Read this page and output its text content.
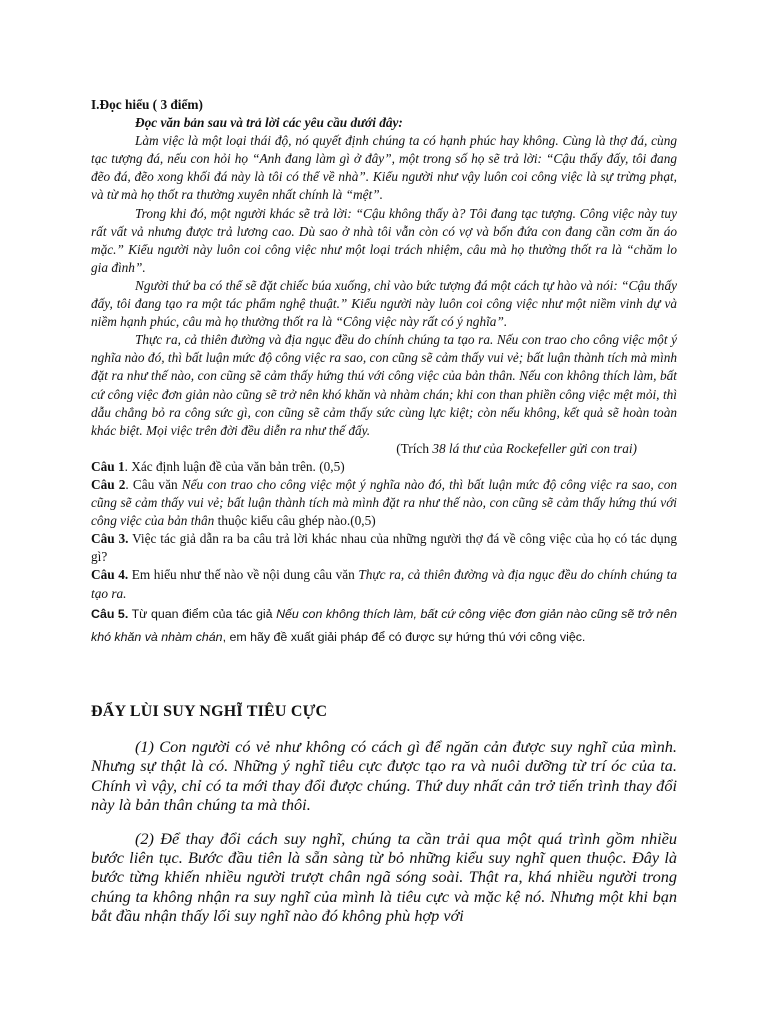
I.Đọc hiểu ( 3 điểm)

Đọc văn bản sau và trả lời các yêu cầu dưới đây:

Làm việc là một loại thái độ, nó quyết định chúng ta có hạnh phúc hay không. Cùng là thợ đá, cùng tạc tượng đá, nếu con hỏi họ “Anh đang làm gì ở đây”, một trong số họ sẽ trả lời: “Cậu thấy đấy, tôi đang đẽo đá, đẽo xong khối đá này là tôi có thể về nhà”. Kiểu người như vậy luôn coi công việc là sự trừng phạt, và từ mà họ thốt ra thường xuyên nhất chính là “mệt”.

Trong khi đó, một người khác sẽ trả lời: “Cậu không thấy à? Tôi đang tạc tượng. Công việc này tuy rất vất vả nhưng được trả lương cao. Dù sao ở nhà tôi vẫn còn có vợ và bốn đứa con đang cần cơm ăn áo mặc.” Kiểu người này luôn coi công việc như một loại trách nhiệm, câu mà họ thường thốt ra là “chăm lo gia đình”.

Người thứ ba có thể sẽ đặt chiếc búa xuống, chỉ vào bức tượng đá một cách tự hào và nói: “Cậu thấy đấy, tôi đang tạo ra một tác phẩm nghệ thuật.” Kiểu người này luôn coi công việc như một niềm vinh dự và niềm hạnh phúc, câu mà họ thường thốt ra là “Công việc này rất có ý nghĩa”.

Thực ra, cả thiên đường và địa ngục đều do chính chúng ta tạo ra. Nếu con trao cho công việc một ý nghĩa nào đó, thì bất luận mức độ công việc ra sao, con cũng sẽ cảm thấy vui vẻ; bất luận thành tích mà mình đặt ra như thế nào, con cũng sẽ cảm thấy hứng thú với công việc của bản thân. Nếu con không thích làm, bất cứ công việc đơn giản nào cũng sẽ trở nên khó khăn và nhàm chán; khi con than phiền công việc mệt mỏi, thì dẫu chẳng bỏ ra công sức gì, con cũng sẽ cảm thấy sức cùng lực kiệt; còn nếu không, kết quả sẽ hoàn toàn khác biệt. Mọi việc trên đời đều diễn ra như thế đấy.

(Trích 38 lá thư của Rockefeller gửi con trai)

Câu 1. Xác định luận đề của văn bản trên. (0,5)

Câu 2. Câu văn Nếu con trao cho công việc một ý nghĩa nào đó, thì bất luận mức độ công việc ra sao, con cũng sẽ cảm thấy vui vẻ; bất luận thành tích mà mình đặt ra như thế nào, con cũng sẽ cảm thấy hứng thú với công việc của bản thân thuộc kiểu câu ghép nào.(0,5)

Câu 3. Việc tác giả dẫn ra ba câu trả lời khác nhau của những người thợ đá về công việc của họ có tác dụng gì?

Câu 4. Em hiểu như thế nào về nội dung câu văn Thực ra, cả thiên đường và địa ngục đều do chính chúng ta tạo ra.

Câu 5. Từ quan điểm của tác giả Nếu con không thích làm, bất cứ công việc đơn giản nào cũng sẽ trở nên khó khăn và nhàm chán, em hãy đề xuất giải pháp để có được sự hứng thú với công việc.

ĐẨY LÙI SUY NGHĨ TIÊU CỰC

(1) Con người có vẻ như không có cách gì để ngăn cản được suy nghĩ của mình. Nhưng sự thật là có. Những ý nghĩ tiêu cực được tạo ra và nuôi dưỡng từ trí óc của ta. Chính vì vậy, chỉ có ta mới thay đổi được chúng. Thứ duy nhất cản trở tiến trình thay đổi này là bản thân chúng ta mà thôi.

(2) Để thay đổi cách suy nghĩ, chúng ta cần trải qua một quá trình gồm nhiều bước liên tục. Bước đầu tiên là sẵn sàng từ bỏ những kiểu suy nghĩ quen thuộc. Đây là bước từng khiến nhiều người trượt chân ngã sóng soài. Thật ra, khá nhiều người trong chúng ta không nhận ra suy nghĩ của mình là tiêu cực và mặc kệ nó. Nhưng một khi bạn bắt đầu nhận thấy lối suy nghĩ nào đó không phù hợp với
